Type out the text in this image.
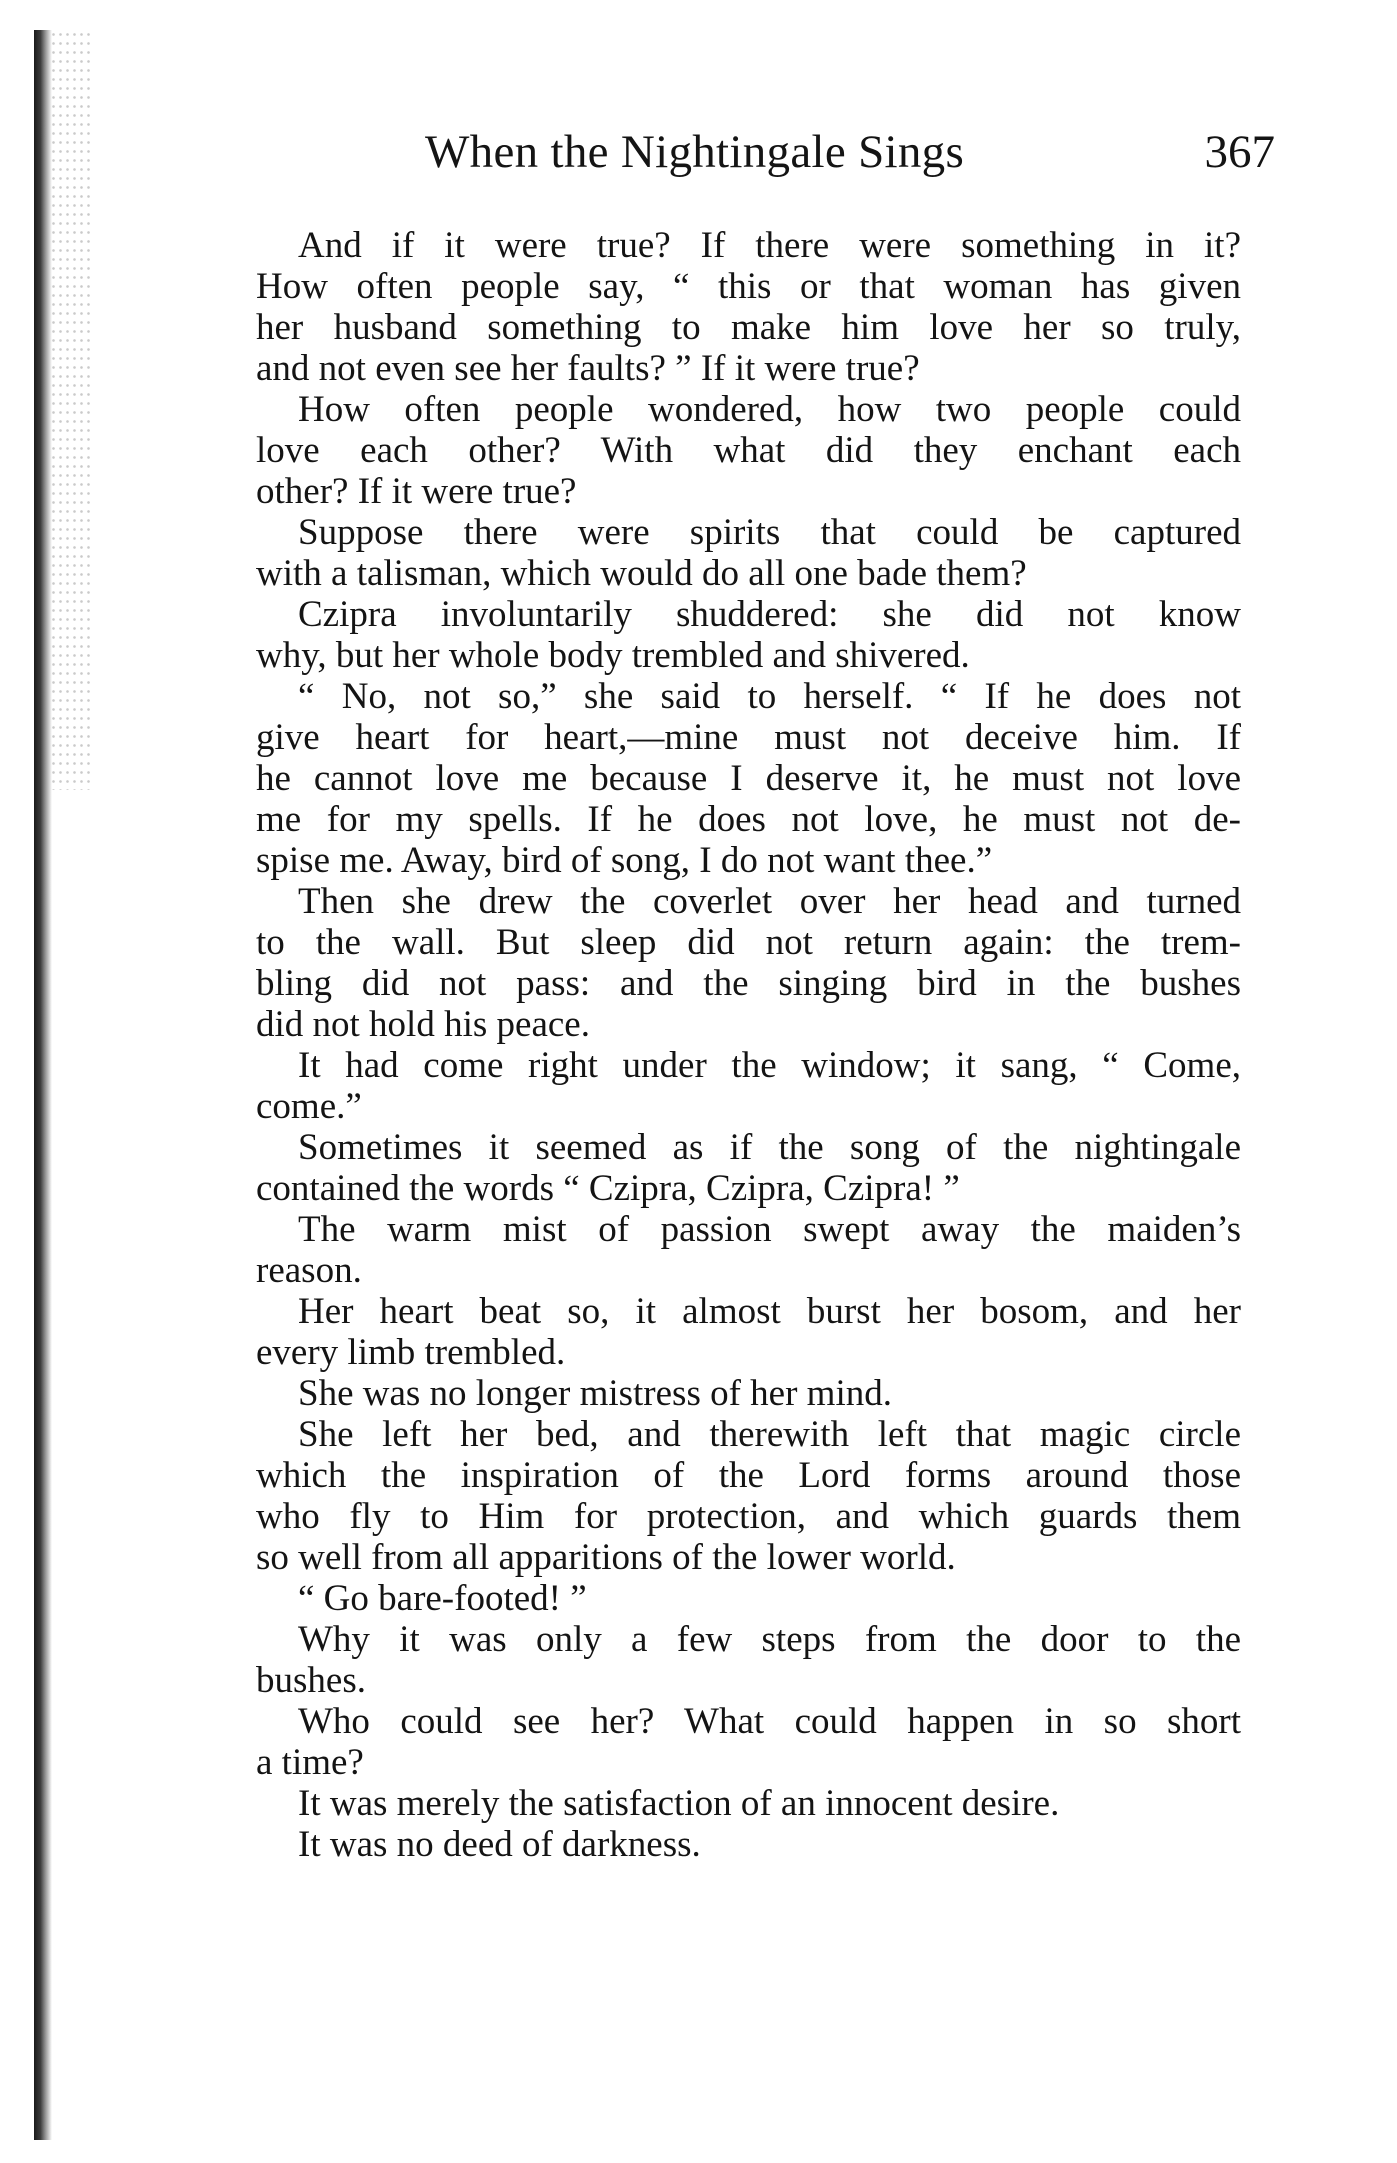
When the Nightingale Sings	367
And if it were true? If there were something in it?
How often people say, “ this or that woman has given
her husband something to make him love her so truly,
and not even see her faults? ” If it were true?
How often people wondered, how two people could
love each other? With what did they enchant each
other? If it were true?
Suppose there were spirits that could be captured
with a talisman, which would do all one bade them?
Czipra involuntarily shuddered: she did not know
why, but her whole body trembled and shivered.
“ No, not so,” she said to herself. “ If he does not
give heart for heart,—mine must not deceive him. If
he cannot love me because I deserve it, he must not love
me for my spells. If he does not love, he must not de-
spise me. Away, bird of song, I do not want thee.”
Then she drew the coverlet over her head and turned
to the wall. But sleep did not return again: the trem-
bling did not pass: and the singing bird in the bushes
did not hold his peace.
It had come right under the window; it sang, “ Come,
come.”
Sometimes it seemed as if the song of the nightingale
contained the words “ Czipra, Czipra, Czipra! ”
The warm mist of passion swept away the maiden’s
reason.
Her heart beat so, it almost burst her bosom, and her
every limb trembled.
She was no longer mistress of her mind.
She left her bed, and therewith left that magic circle
which the inspiration of the Lord forms around those
who fly to Him for protection, and which guards them
so well from all apparitions of the lower world.
“ Go bare-footed! ”
Why it was only a few steps from the door to the
bushes.
Who could see her? What could happen in so short
a time?
It was merely the satisfaction of an innocent desire.
It was no deed of darkness.
